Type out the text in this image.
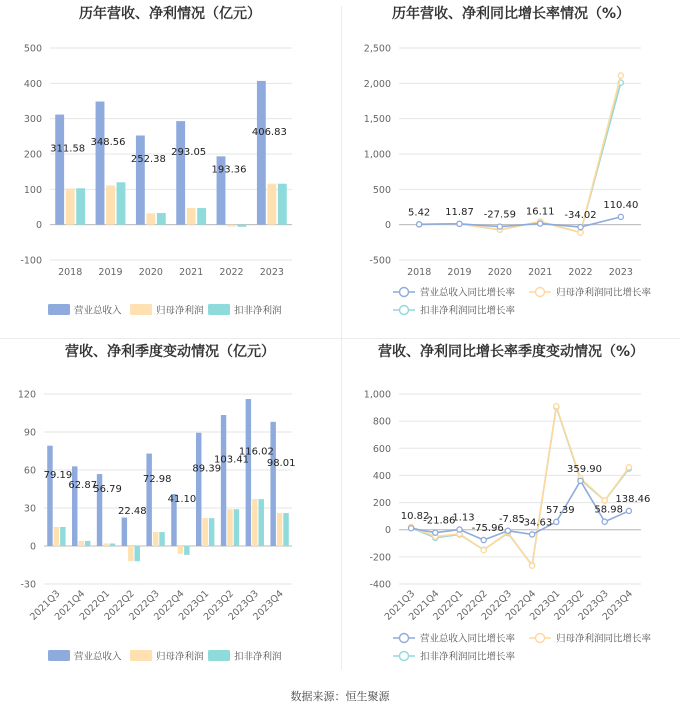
历年营收、净利情况（亿元）
500
400
300
200
100
0
-100
2018 2019 2020 2021 2022 2023
311.58
348.56
252.38
293.05
193.36
406.83
营业总收入	归母净利润	扣非净利润
历年营收、净利同比增长率情况（%）
2,500
2,000
1,500
1,000
500
0
-500
2018 2019 2020 2021 2022 2023
5.42 11.87 -27.59 16.11 -34.02
110.40
营业总收入同比增长率	归母净利润同比增长率
扣非净利润同比增长率
营收、净利季度变动情况（亿元）
120
90
60
30
0
-30
2021Q3
2021Q4
2022Q1
2022Q2
2022Q3
2022Q4
2023Q1
2023Q2
2023Q3
2023Q4
79.19
62.87
56.79
22.48
72.98
41.10
89.39
103.41
116.02
98.01
营业总收入	归母净利润	扣非净利润
营收、净利同比增长率季度变动情况（%）
1,000
800
600
400
200
0
-200
-400
2021Q3
2021Q4
2022Q1
2022Q2
2022Q3
2022Q4
2023Q1
2023Q2
2023Q3
2023Q4
10.82
-21.86
1.13
-75.96
-7.85
-34.63
57.39
359.90
58.98
138.46
营业总收入同比增长率	归母净利润同比增长率
扣非净利润同比增长率
数据来源：恒生聚源
